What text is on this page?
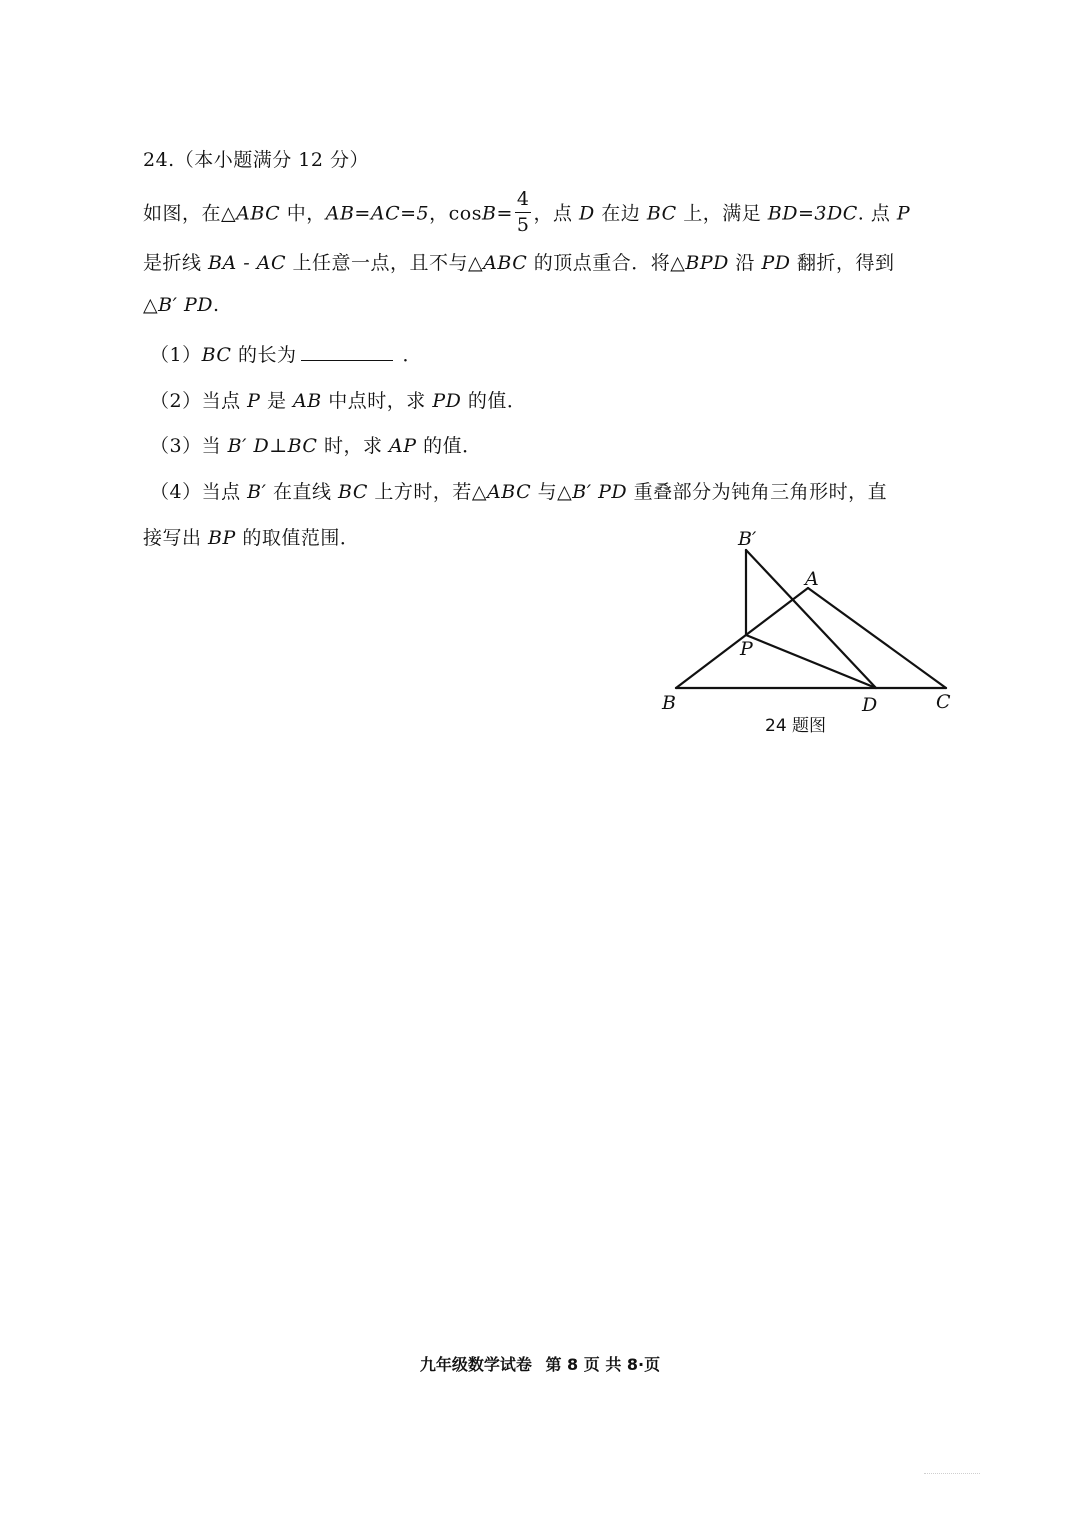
24.（本小题满分 12 分）
如图，在△ABC 中，AB=AC=5，$\cos B= \frac{4}{5}$ ，点 D 在边 BC 上，满足 BD=3DC. 点 P
是折线 BA - AC 上任意一点，且不与△ABC 的顶点重合．将△BPD 沿 PD 翻折，得到
△B′ PD.
（1）BC 的长为	．
（2）当点 P 是 AB 中点时，求 PD 的值．
（3）当 B′ D⊥BC 时，求 AP 的值．
（4）当点 B′ 在直线 BC 上方时，若△ABC 与△B′ PD 重叠部分为钝角三角形时，直
接写出 BP 的取值范围．	B′
A
P
B	D	C
24 题图
九年级数学试卷 第 8 页 共 8·页
